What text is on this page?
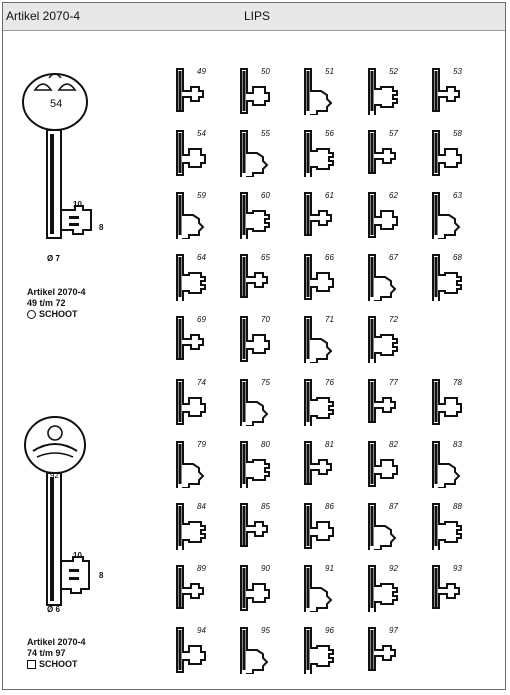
Artikel 2070-4	LIPS
54
10
8
Ø 7
Artikel 2070-4
49 t/m 72
SCHOOT
92
10
8
Ø 6
Artikel 2070-4
74 t/m 97
SCHOOT
49	50	51	52	53
54	55	56	57	58
59	60	61	62	63
64	65	66	67	68
69	70	71	72
74	75	76	77	78
79	80	81	82	83
84	85	86	87	88
89	90	91	92	93
94	95	96	97
